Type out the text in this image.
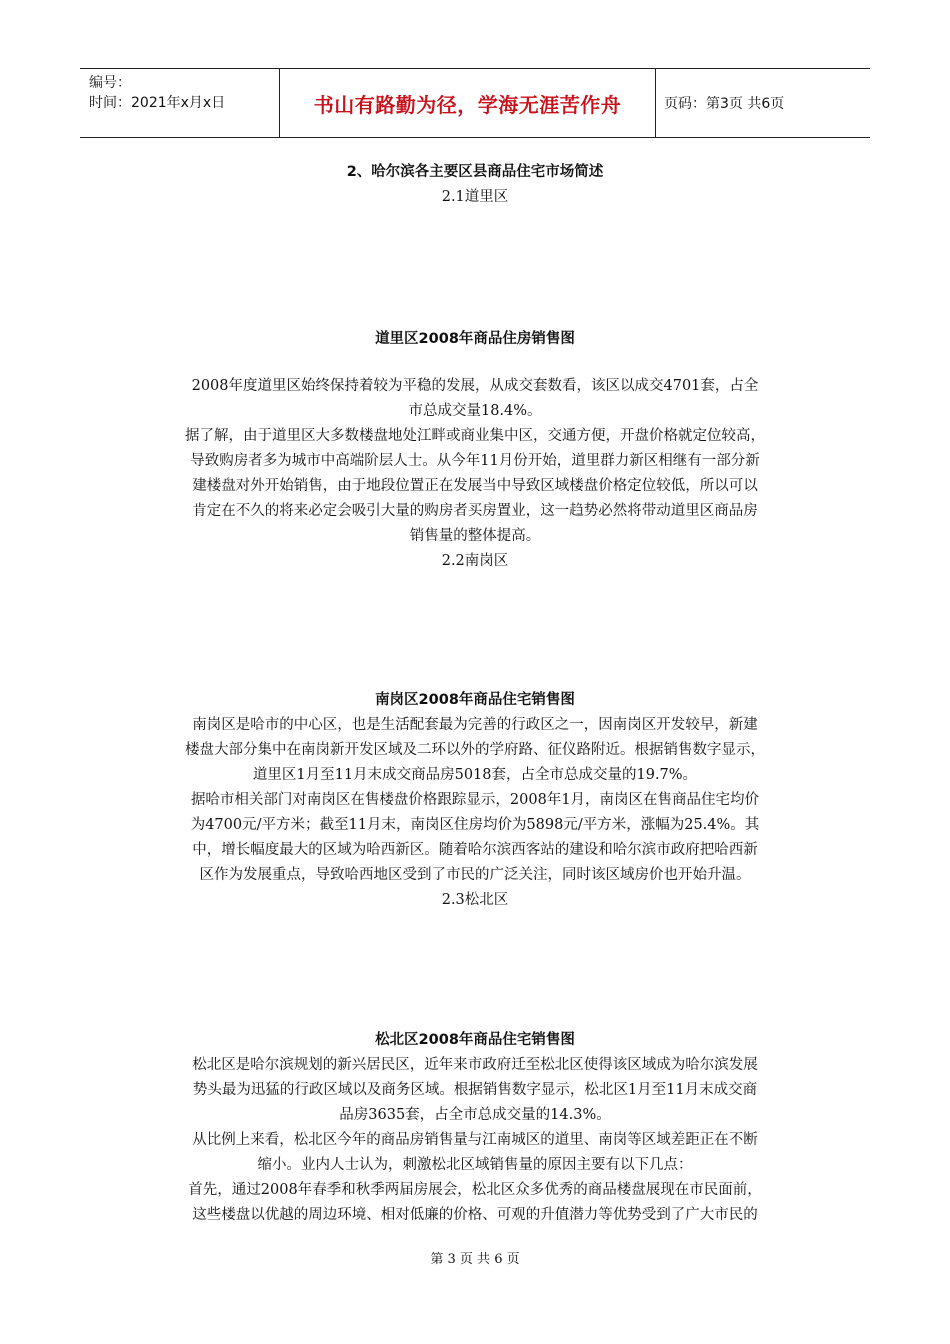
编号：
时间：2021年x月x日	书山有路勤为径，学海无涯苦作舟	页码：第3页 共6页
2、哈尔滨各主要区县商品住宅市场简述
2.1道里区
道里区2008年商品住房销售图
2008年度道里区始终保持着较为平稳的发展，从成交套数看，该区以成交4701套，占全
市总成交量18.4%。
据了解，由于道里区大多数楼盘地处江畔或商业集中区，交通方便，开盘价格就定位较高，
导致购房者多为城市中高端阶层人士。从今年11月份开始，道里群力新区相继有一部分新
建楼盘对外开始销售，由于地段位置正在发展当中导致区域楼盘价格定位较低，所以可以
肯定在不久的将来必定会吸引大量的购房者买房置业，这一趋势必然将带动道里区商品房
销售量的整体提高。
2.2南岗区
南岗区2008年商品住宅销售图
南岗区是哈市的中心区，也是生活配套最为完善的行政区之一，因南岗区开发较早，新建
楼盘大部分集中在南岗新开发区域及二环以外的学府路、征仪路附近。根据销售数字显示，
道里区1月至11月末成交商品房5018套，占全市总成交量的19.7%。
据哈市相关部门对南岗区在售楼盘价格跟踪显示，2008年1月，南岗区在售商品住宅均价
为4700元/平方米；截至11月末，南岗区住房均价为5898元/平方米，涨幅为25.4%。其
中，增长幅度最大的区域为哈西新区。随着哈尔滨西客站的建设和哈尔滨市政府把哈西新
区作为发展重点，导致哈西地区受到了市民的广泛关注，同时该区域房价也开始升温。
2.3松北区
松北区2008年商品住宅销售图
松北区是哈尔滨规划的新兴居民区，近年来市政府迁至松北区使得该区域成为哈尔滨发展
势头最为迅猛的行政区域以及商务区域。根据销售数字显示，松北区1月至11月末成交商
品房3635套，占全市总成交量的14.3%。
从比例上来看，松北区今年的商品房销售量与江南城区的道里、南岗等区域差距正在不断
缩小。业内人士认为，刺激松北区域销售量的原因主要有以下几点：
首先，通过2008年春季和秋季两届房展会，松北区众多优秀的商品楼盘展现在市民面前，
这些楼盘以优越的周边环境、相对低廉的价格、可观的升值潜力等优势受到了广大市民的
第 3 页 共 6 页
